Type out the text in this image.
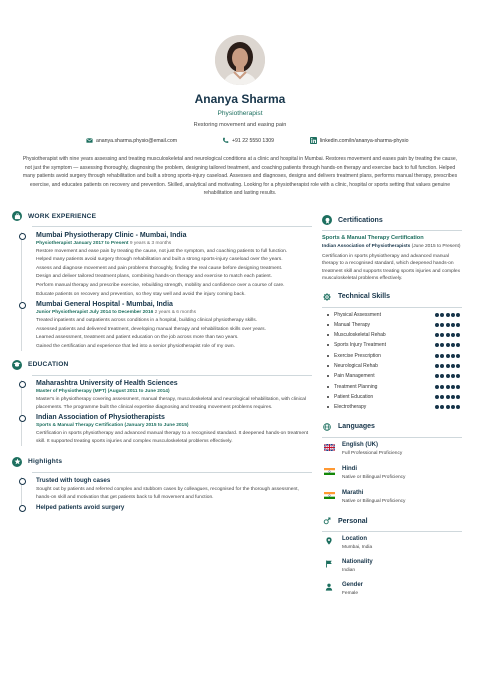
Ananya Sharma
Physiotherapist
Restoring movement and easing pain
ananya.sharma.physio@email.com	+91 22 5550 1309	linkedin.com/in/ananya-sharma-physio
Physiotherapist with nine years assessing and treating musculoskeletal and neurological conditions at a clinic and hospital in Mumbai. Restores movement and eases pain by treating the cause, not just the symptom — assessing thoroughly, diagnosing the problem, designing tailored treatment, and coaching patients through hands-on therapy and exercise back to full function. Helped many patients avoid surgery through rehabilitation and built a strong sports-injury caseload. Assesses and diagnoses, designs and delivers treatment plans, performs manual therapy, prescribes exercise, and educates patients on recovery and prevention. Skilled, analytical and motivating. Looking for a physiotherapist role with a clinic, hospital or sports setting that values genuine rehabilitation and lasting results.
WORK EXPERIENCE
Mumbai Physiotherapy Clinic - Mumbai, India
Physiotherapist January 2017 to Present 9 years & 3 months

Restore movement and ease pain by treating the cause, not just the symptom, and coaching patients to full function.

Helped many patients avoid surgery through rehabilitation and built a strong sports-injury caseload over the years.

Assess and diagnose movement and pain problems thoroughly, finding the real cause before designing treatment.

Design and deliver tailored treatment plans, combining hands-on therapy and exercise to match each patient.

Perform manual therapy and prescribe exercise, rebuilding strength, mobility and confidence over a course of care.

Educate patients on recovery and prevention, so they stay well and avoid the injury coming back.

Mumbai General Hospital - Mumbai, India
Junior Physiotherapist July 2014 to December 2016 2 years & 6 months

Treated inpatients and outpatients across conditions in a hospital, building clinical physiotherapy skills.

Assessed patients and delivered treatment, developing manual therapy and rehabilitation skills over years.

Learned assessment, treatment and patient education on the job across more than two years.

Gained the certification and experience that led into a senior physiotherapist role of my own.

EDUCATION
Maharashtra University of Health Sciences
Master of Physiotherapy (MPT) (August 2011 to June 2014)
Master's in physiotherapy covering assessment, manual therapy, musculoskeletal and neurological rehabilitation, with clinical placements. The programme built the clinical expertise diagnosing and treating movement problems requires.
Indian Association of Physiotherapists
Sports & Manual Therapy Certification (January 2015 to June 2015)
Certification in sports physiotherapy and advanced manual therapy to a recognised standard. It deepened hands-on treatment skill. It supported treating sports injuries and complex musculoskeletal problems effectively.
Highlights
Trusted with tough cases
Sought out by patients and referred complex and stubborn cases by colleagues, recognised for the thorough assessment, hands-on skill and motivation that get patients back to full movement and function.
Helped patients avoid surgery
Certifications
Sports & Manual Therapy Certification
Indian Association of Physiotherapists (June 2015 to Present)
Certification in sports physiotherapy and advanced manual therapy to a recognised standard, which deepened hands-on treatment skill and supports treating sports injuries and complex musculoskeletal problems effectively.
Technical Skills
Physical Assessment
Manual Therapy
Musculoskeletal Rehab
Sports Injury Treatment
Exercise Prescription
Neurological Rehab
Pain Management
Treatment Planning
Patient Education
Electrotherapy
Languages
English (UK)
Full Professional Proficiency
Hindi
Native or Bilingual Proficiency
Marathi
Native or Bilingual Proficiency
Personal
Location
Mumbai, India
Nationality
Indian
Gender
Female
